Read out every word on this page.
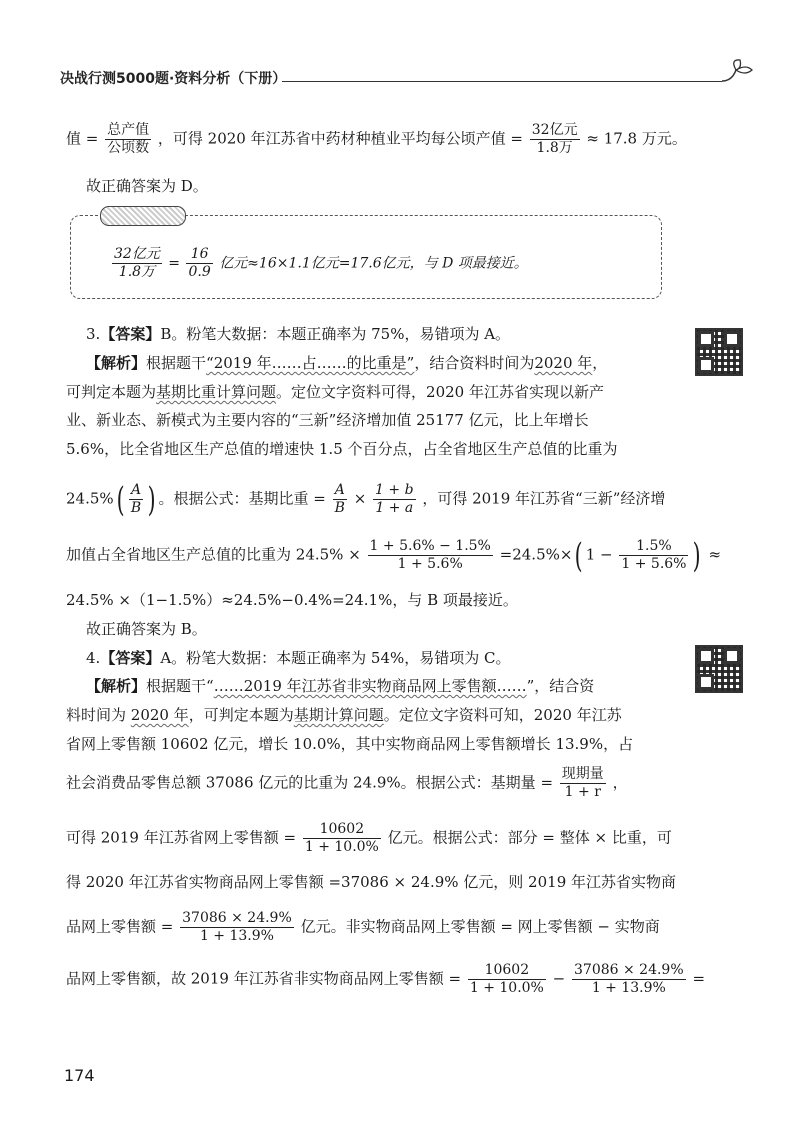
决战行测5000题·资料分析（下册）
值 = $\frac{\text{总产值}}{\text{公顷数}}$ ，可得 2020 年江苏省中药材种植业平均每公顷产值 = $\frac{\text{32亿元}}{\text{1.8万}} \approx 17.8$ 万元。
故正确答案为 D。
$\frac{\text{32亿元}}{\text{1.8万}} = \frac{16}{0.9}$ 亿元≈16×1.1亿元=17.6亿元，与 D 项最接近。
3.【答案】B。粉笔大数据：本题正确率为 75%，易错项为 A。
【解析】根据题干“2019 年……占……的比重是”，结合资料时间为2020 年，
可判定本题为基期比重计算问题。定位文字资料可得，2020 年江苏省实现以新产
业、新业态、新模式为主要内容的“三新”经济增加值 25177 亿元，比上年增长
5.6%，比全省地区生产总值的增速快 1.5 个百分点，占全省地区生产总值的比重为
$24.5\%( \frac{A}{B}$ ) 。根据公式：基期比重 = $\frac{A}{B} \times \frac{1 + b}{1 + a}$ ，可得 2019 年江苏省“三新”经济增
加值占全省地区生产总值的比重为 $24.5\% \times \frac{1 + 5.6\% - 1.5\%}{1 + 5.6\%} =24.5\%\times$( $1 - \frac{1.5\%}{1 + 5.6\%}$ ) ≈
24.5% ×（1−1.5%）≈24.5%−0.4%=24.1%，与 B 项最接近。
故正确答案为 B。
4.【答案】A。粉笔大数据：本题正确率为 54%，易错项为 C。
【解析】根据题干“……2019 年江苏省非实物商品网上零售额……”，结合资
料时间为 2020 年，可判定本题为基期计算问题。定位文字资料可知，2020 年江苏
省网上零售额 10602 亿元，增长 10.0%，其中实物商品网上零售额增长 13.9%，占
社会消费品零售总额 37086 亿元的比重为 24.9%。根据公式：基期量 = $\frac{\text{现期量}}{1 + r}$ ，
可得 2019 年江苏省网上零售额 = $\frac{10602}{1 + 10.0\%}$ 亿元。根据公式：部分 = 整体 × 比重，可
得 2020 年江苏省实物商品网上零售额 =37086 × 24.9% 亿元，则 2019 年江苏省实物商
品网上零售额 = $\frac{37086 \times 24.9\%}{1 + 13.9\%}$ 亿元。非实物商品网上零售额 = 网上零售额 − 实物商
品网上零售额，故 2019 年江苏省非实物商品网上零售额 = $\frac{10602}{1 + 10.0\%} - \frac{37086 \times 24.9\%}{1 + 13.9\%}$ =
174
